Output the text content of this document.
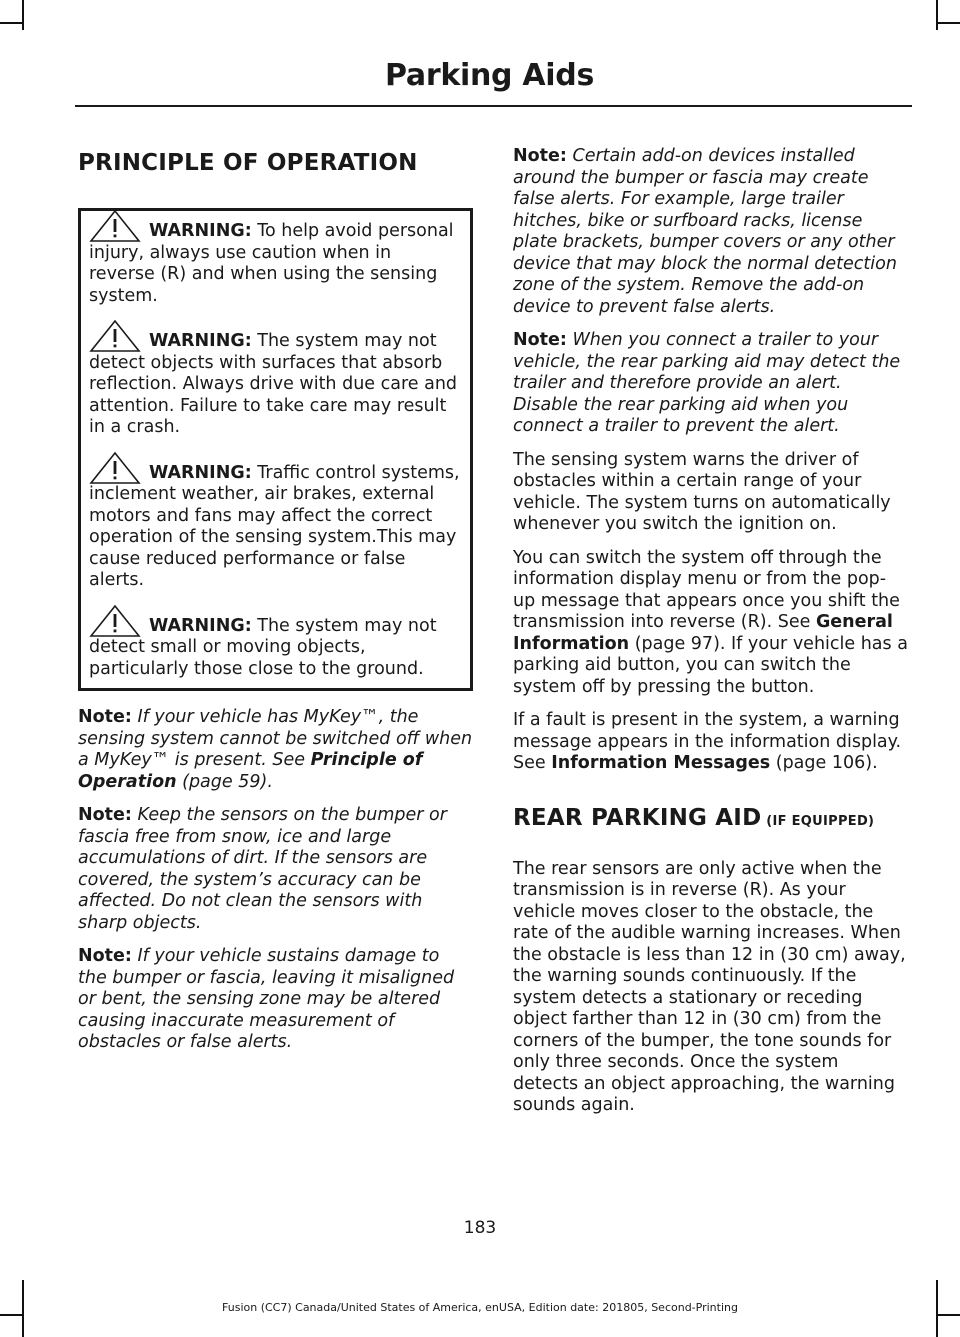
Parking Aids
PRINCIPLE OF OPERATION
WARNING: To help avoid personal injury, always use caution when in reverse (R) and when using the sensing system.
WARNING: The system may not detect objects with surfaces that absorb reflection. Always drive with due care and attention. Failure to take care may result in a crash.
WARNING: Traffic control systems, inclement weather, air brakes, external motors and fans may affect the correct operation of the sensing system.This may cause reduced performance or false alerts.
WARNING: The system may not detect small or moving objects, particularly those close to the ground.

Note: If your vehicle has MyKey™, the sensing system cannot be switched off when a MyKey™ is present. See Principle of Operation (page 59).

Note: Keep the sensors on the bumper or fascia free from snow, ice and large accumulations of dirt. If the sensors are covered, the system’s accuracy can be affected. Do not clean the sensors with sharp objects.

Note: If your vehicle sustains damage to the bumper or fascia, leaving it misaligned or bent, the sensing zone may be altered causing inaccurate measurement of obstacles or false alerts.

Note: Certain add-on devices installed around the bumper or fascia may create false alerts. For example, large trailer hitches, bike or surfboard racks, license plate brackets, bumper covers or any other device that may block the normal detection zone of the system. Remove the add-on device to prevent false alerts.

Note: When you connect a trailer to your vehicle, the rear parking aid may detect the trailer and therefore provide an alert. Disable the rear parking aid when you connect a trailer to prevent the alert.

The sensing system warns the driver of obstacles within a certain range of your vehicle. The system turns on automatically whenever you switch the ignition on.

You can switch the system off through the information display menu or from the pop-up message that appears once you shift the transmission into reverse (R). See General Information (page 97). If your vehicle has a parking aid button, you can switch the system off by pressing the button.

If a fault is present in the system, a warning message appears in the information display. See Information Messages (page 106).

REAR PARKING AID (IF EQUIPPED)

The rear sensors are only active when the transmission is in reverse (R). As your vehicle moves closer to the obstacle, the rate of the audible warning increases. When the obstacle is less than 12 in (30 cm) away, the warning sounds continuously. If the system detects a stationary or receding object farther than 12 in (30 cm) from the corners of the bumper, the tone sounds for only three seconds. Once the system detects an object approaching, the warning sounds again.

183
Fusion (CC7) Canada/United States of America, enUSA, Edition date: 201805, Second-Printing
